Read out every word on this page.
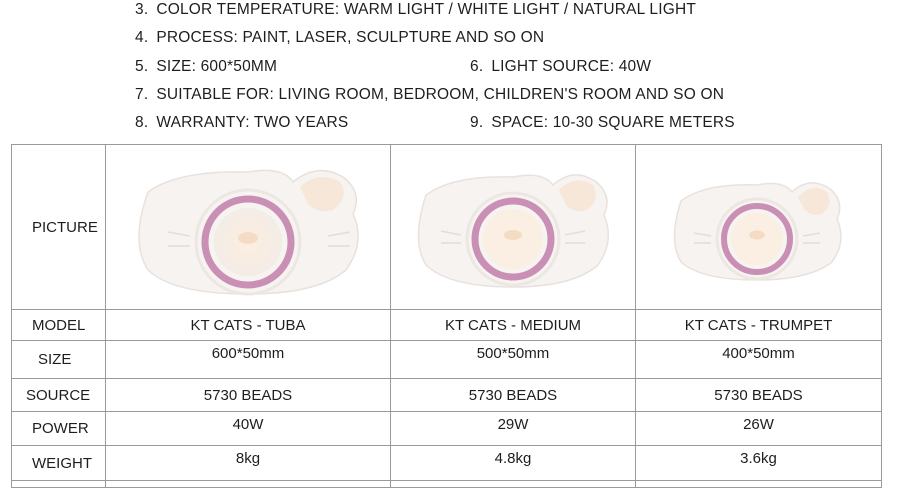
3. COLOR TEMPERATURE: WARM LIGHT / WHITE LIGHT / NATURAL LIGHT
4. PROCESS: PAINT, LASER, SCULPTURE AND SO ON
5. SIZE: 600*50MM	6. LIGHT SOURCE: 40W
7. SUITABLE FOR: LIVING ROOM, BEDROOM, CHILDREN'S ROOM AND SO ON
8. WARRANTY: TWO YEARS	9. SPACE: 10-30 SQUARE METERS
PICTURE	

MODEL	KT CATS - TUBA	KT CATS - MEDIUM	KT CATS - TRUMPET
SIZE	600*50mm	500*50mm	400*50mm
SOURCE	5730 BEADS	5730 BEADS	5730 BEADS
POWER	40W	29W	26W
WEIGHT	8kg	4.8kg	3.6kg
